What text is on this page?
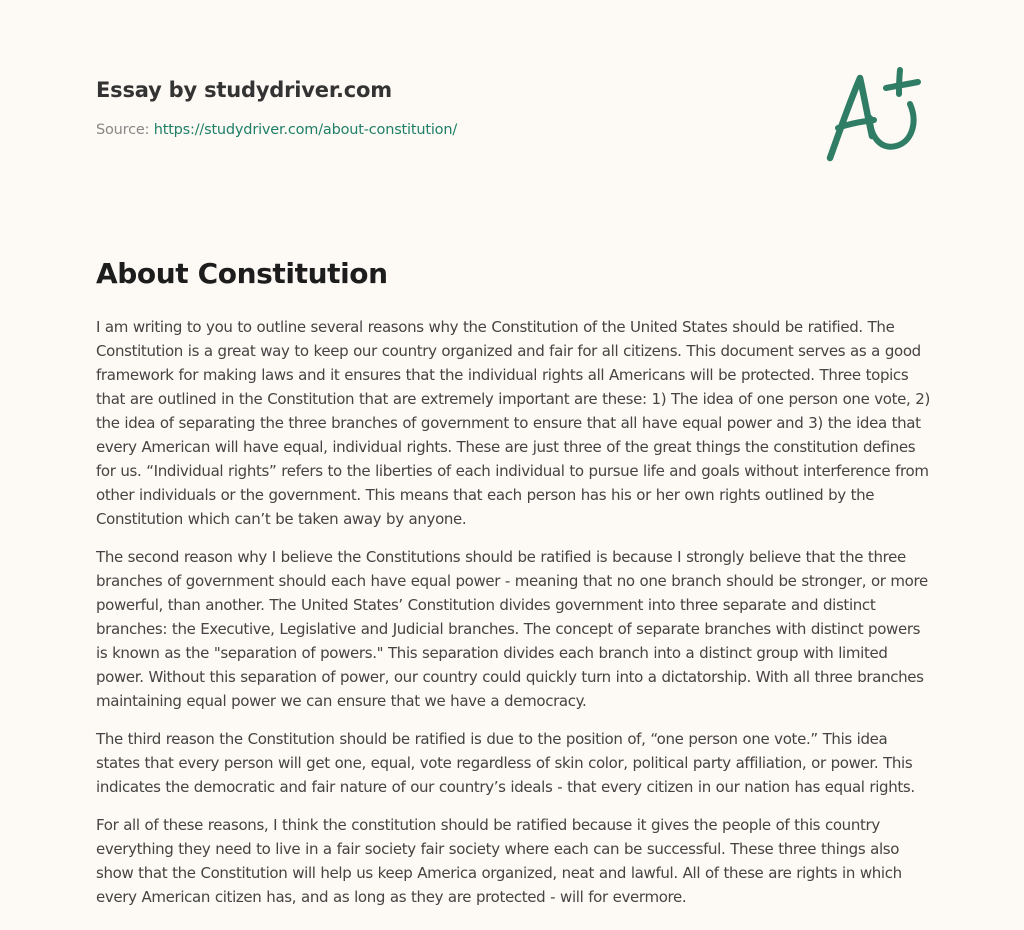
Essay by studydriver.com
Source: https://studydriver.com/about-constitution/
About Constitution

I am writing to you to outline several reasons why the Constitution of the United States should be ratified. The Constitution is a great way to keep our country organized and fair for all citizens. This document serves as a good framework for making laws and it ensures that the individual rights all Americans will be protected. Three topics that are outlined in the Constitution that are extremely important are these: 1) The idea of one person one vote, 2) the idea of separating the three branches of government to ensure that all have equal power and 3) the idea that every American will have equal, individual rights. These are just three of the great things the constitution defines for us. “Individual rights” refers to the liberties of each individual to pursue life and goals without interference from other individuals or the government. This means that each person has his or her own rights outlined by the Constitution which can’t be taken away by anyone.

The second reason why I believe the Constitutions should be ratified is because I strongly believe that the three branches of government should each have equal power - meaning that no one branch should be stronger, or more powerful, than another. The United States’ Constitution divides government into three separate and distinct branches: the Executive, Legislative and Judicial branches. The concept of separate branches with distinct powers is known as the "separation of powers." This separation divides each branch into a distinct group with limited power. Without this separation of power, our country could quickly turn into a dictatorship. With all three branches maintaining equal power we can ensure that we have a democracy.

The third reason the Constitution should be ratified is due to the position of, “one person one vote.” This idea states that every person will get one, equal, vote regardless of skin color, political party affiliation, or power. This indicates the democratic and fair nature of our country’s ideals - that every citizen in our nation has equal rights.

For all of these reasons, I think the constitution should be ratified because it gives the people of this country everything they need to live in a fair society fair society where each can be successful. These three things also show that the Constitution will help us keep America organized, neat and lawful. All of these are rights in which every American citizen has, and as long as they are protected - will for evermore.
